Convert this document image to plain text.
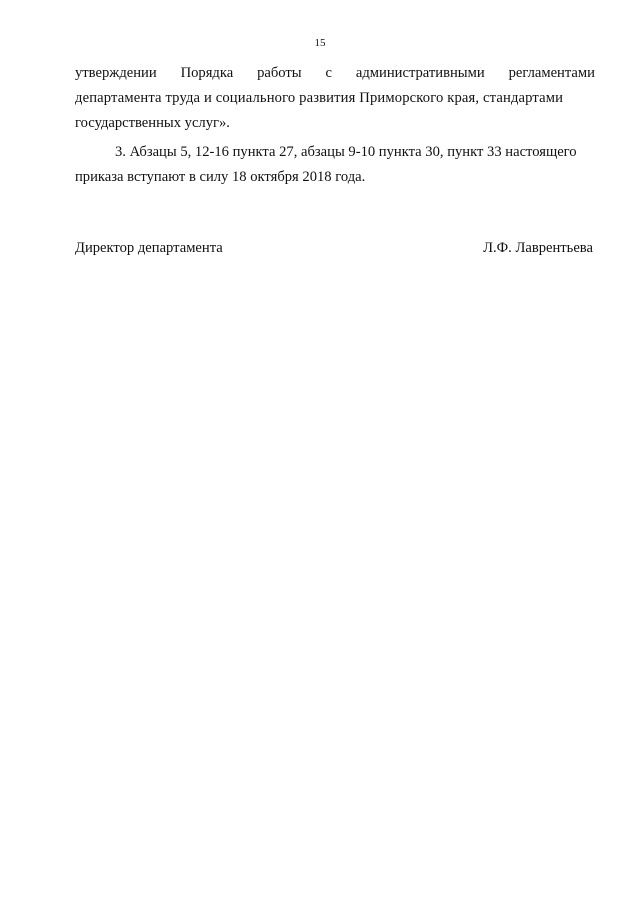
15
утверждении Порядка работы с административными регламентами
департамента труда и социального развития Приморского края, стандартами
государственных услуг».
3. Абзацы 5, 12-16 пункта 27, абзацы 9-10 пункта 30, пункт 33 настоящего
приказа вступают в силу 18 октября 2018 года.
Директор департамента	Л.Ф. Лаврентьева
